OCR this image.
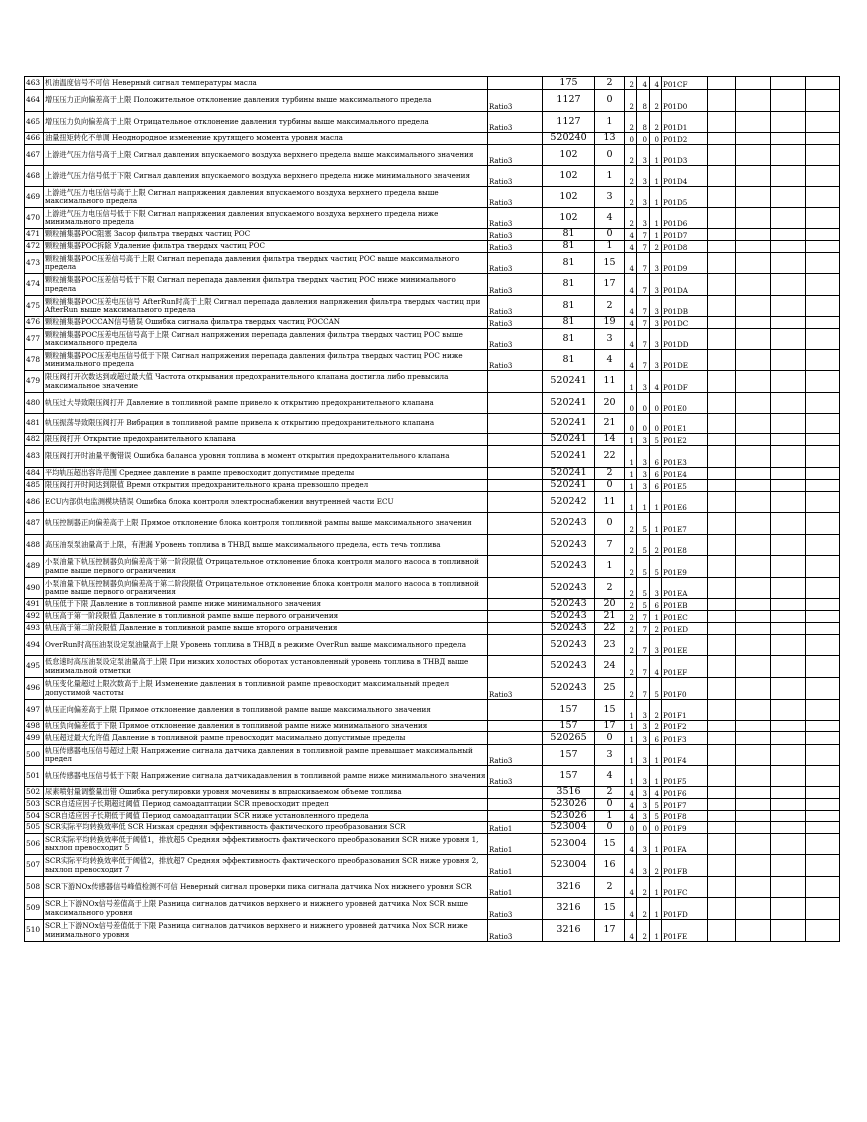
463	机油温度信号不可信 Неверный сигнал температуры масла		175	2	2	4	4	P01CF				
464	增压压力正向偏差高于上限 Положительное отклонение давления турбины выше максимального предела	Ratio3	1127	0	2	8	2	P01D0				
465	增压压力负向偏差高于上限 Отрицательное отклонение давления турбины выше максимального предела	Ratio3	1127	1	2	8	2	P01D1				
466	油量扭矩转化不单调 Неоднородное изменение крутящего момента уровня масла		520240	13	0	0	0	P01D2				
467	上游进气压力信号高于上限 Сигнал давления впускаемого воздуха верхнего предела выше максимального значения	Ratio3	102	0	2	3	1	P01D3				
468	上游进气压力信号低于下限 Сигнал давления впускаемого воздуха верхнего предела ниже минимального значения	Ratio3	102	1	2	3	1	P01D4				
469	上游进气压力电压信号高于上限 Сигнал напряжения давления впускаемого воздуха верхнего предела выше максимального предела	Ratio3	102	3	2	3	1	P01D5				
470	上游进气压力电压信号低于下限 Сигнал напряжения давления впускаемого воздуха верхнего предела ниже минимального предела	Ratio3	102	4	2	3	1	P01D6				
471	颗粒捕集器POC阻塞 Засор фильтра твердых частиц POC	Ratio3	81	0	4	7	1	P01D7				
472	颗粒捕集器POC拆除 Удаление фильтра твердых частиц POC	Ratio3	81	1	4	7	2	P01D8				
473	颗粒捕集器POC压差信号高于上限 Сигнал перепада давления фильтра твердых частиц POC выше максимального предела	Ratio3	81	15	4	7	3	P01D9				
474	颗粒捕集器POC压差信号低于下限 Сигнал перепада давления фильтра твердых частиц POC ниже минимального предела	Ratio3	81	17	4	7	3	P01DA				
475	颗粒捕集器POC压差电压信号 AfterRun时高于上限 Сигнал перепада давления напряжения фильтра твердых частиц при AfterRun выше максимального предела	Ratio3	81	2	4	7	3	P01DB				
476	颗粒捕集器POCCAN信号错误 Ошибка сигнала фильтра твердых частиц POCCAN	Ratio3	81	19	4	7	3	P01DC				
477	颗粒捕集器POC压差电压信号高于上限 Сигнал напряжения перепада давления фильтра твердых частиц POC выше максимального предела	Ratio3	81	3	4	7	3	P01DD				
478	颗粒捕集器POC压差电压信号低于下限 Сигнал напряжения перепада давления фильтра твердых частиц POC ниже минимального предела	Ratio3	81	4	4	7	3	P01DE				
479	限压阀打开次数达到或超过最大值 Частота открывания предохранительного клапана достигла либо превысила максимальное значение		520241	11	1	3	4	P01DF				
480	轨压过大导致限压阀打开 Давление в топливной рампе привело к открытию предохранительного клапана		520241	20	0	0	0	P01E0				
481	轨压振荡导致限压阀打开 Вибрация в топливной рампе привела к открытию предохранительного клапана		520241	21	0	0	0	P01E1				
482	限压阀打开 Открытие предохранительного клапана		520241	14	1	3	5	P01E2				
483	限压阀打开时油量平衡错误 Ошибка баланса уровня топлива в момент открытия предохранительного клапана		520241	22	1	3	6	P01E3				
484	平均轨压超出容许范围 Среднее давление в рампе превосходит допустимые пределы		520241	2	1	3	6	P01E4				
485	限压阀打开时间达到限值 Время открытия предохранительного крана превзошло предел		520241	0	1	3	6	P01E5				
486	ECU内部供电监测模块错误 Ошибка блока контроля электроснабжения внутренней части ECU		520242	11	1	1	1	P01E6				
487	轨压控制器正向偏差高于上限 Прямое отклонение блока контроля топливной рампы выше максимального значения		520243	0	2	5	1	P01E7				
488	高压油泵泵油量高于上限，有泄漏 Уровень топлива в ТНВД выше максимального предела, есть течь топлива		520243	7	2	5	2	P01E8				
489	小泵油量下轨压控制器负向偏差高于第一阶段限值 Отрицательное отклонение блока контроля малого насоса в топливной рампе выше первого ограничения		520243	1	2	5	5	P01E9				
490	小泵油量下轨压控制器负向偏差高于第二阶段限值 Отрицательное отклонение блока контроля малого насоса в топливной рампе выше первого ограничения		520243	2	2	5	3	P01EA				
491	轨压低于下限 Давление в топливной рампе ниже минимального значения		520243	20	2	5	6	P01EB				
492	轨压高于第一阶段限值 Давление в топливной рампе выше первого ограничения		520243	21	2	7	1	P01EC				
493	轨压高于第二阶段限值 Давление в топливной рампе выше второго ограничения		520243	22	2	7	2	P01ED				
494	OverRun时高压油泵设定泵油量高于上限 Уровень топлива в ТНВД в режиме OverRun выше максимального предела		520243	23	2	7	3	P01EE				
495	低怠速时高压油泵设定泵油量高于上限 При низких холостых оборотах установленный уровень топлива в ТНВД выше минимальной отметки		520243	24	2	7	4	P01EF				
496	轨压变化量超过上限次数高于上限 Изменение давления в топливной рампе превосходит максимальный предел допустимой частоты	Ratio3	520243	25	2	7	5	P01F0				
497	轨压正向偏差高于上限 Прямое отклонение давления в топливной рампе выше максимального значения		157	15	1	3	2	P01F1				
498	轨压负向偏差低于下限 Прямое отклонение давления в топливной рампе ниже минимального значения		157	17	1	3	2	P01F2				
499	轨压超过最大允许值 Давление в топливной рампе превосходит масимально допустимые пределы		520265	0	1	3	6	P01F3				
500	轨压传感器电压信号超过上限 Напряжение сигнала датчика давления в топливной рампе превышает максимальный предел	Ratio3	157	3	1	3	1	P01F4				
501	轨压传感器电压信号低于下限 Напряжение сигнала датчикадавления в топливной рампе ниже минимального значения	Ratio3	157	4	1	3	1	P01F5				
502	尿素喷射量调整量出错 Ошибка регулировки уровня мочевины в впрыскиваемом объеме топлива		3516	2	4	3	4	P01F6				
503	SCR自适应因子长期超过阈值 Период самоадаптации SCR превосходит предел		523026	0	4	3	5	P01F7				
504	SCR自适应因子长期低于阈值 Период самоадаптации SCR ниже установленного предела		523026	1	4	3	5	P01F8				
505	SCR实际平均转换效率低 SCR Низкая средняя эффективность фактического преобразования SCR	Ratio1	523004	0	0	0	0	P01F9				
506	SCR实际平均转换效率低于阈值1，排放超5 Средняя эффективность фактического преобразования SCR ниже уровня 1, выхлоп превосходит 5	Ratio1	523004	15	4	3	1	P01FA				
507	SCR实际平均转换效率低于阈值2，排放超7 Средняя эффективность фактического преобразования SCR ниже уровня 2, выхлоп превосходит 7	Ratio1	523004	16	4	3	2	P01FB				
508	SCR下游NOx传感器信号峰值检测不可信 Неверный сигнал проверки пика сигнала датчика Nox нижнего уровня SCR	Ratio1	3216	2	4	2	1	P01FC				
509	SCR上下游NOx信号差值高于上限 Разница сигналов датчиков верхнего и нижнего уровней датчика Nox SCR выше максимального уровня	Ratio3	3216	15	4	2	1	P01FD				
510	SCR上下游NOx信号差值低于下限 Разница сигналов датчиков верхнего и нижнего уровней датчика Nox SCR ниже минимального уровня	Ratio3	3216	17	4	2	1	P01FE				
